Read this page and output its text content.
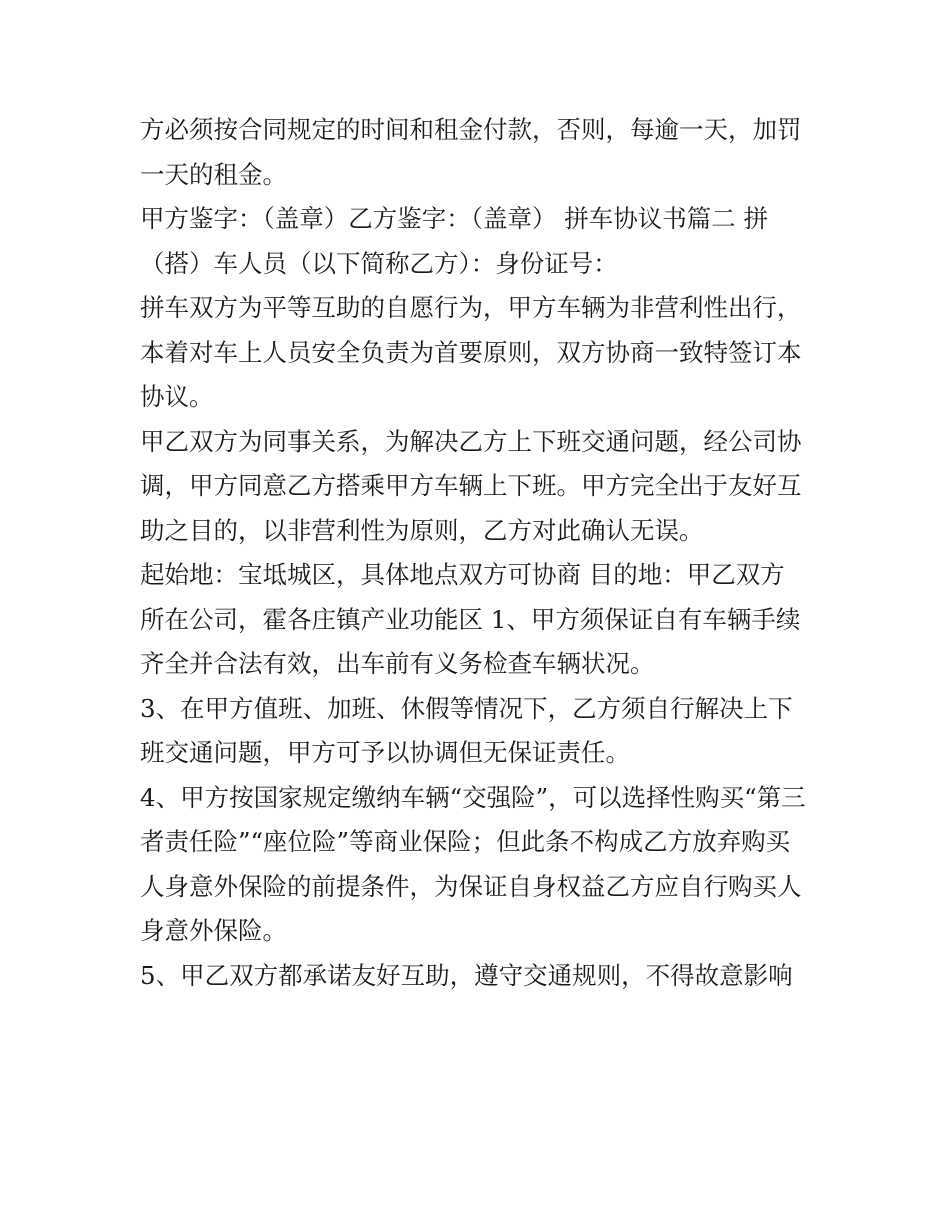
方必须按合同规定的时间和租金付款，否则，每逾一天，加罚
一天的租金。

甲方鉴字：（盖章）乙方鉴字：（盖章） 拼车协议书篇二 拼
（搭）车人员（以下简称乙方）：身份证号：

拼车双方为平等互助的自愿行为，甲方车辆为非营利性出行，
本着对车上人员安全负责为首要原则，双方协商一致特签订本
协议。

甲乙双方为同事关系，为解决乙方上下班交通问题，经公司协
调，甲方同意乙方搭乘甲方车辆上下班。甲方完全出于友好互
助之目的，以非营利性为原则，乙方对此确认无误。

起始地：宝坻城区，具体地点双方可协商 目的地：甲乙双方
所在公司，霍各庄镇产业功能区 1、甲方须保证自有车辆手续
齐全并合法有效，出车前有义务检查车辆状况。

3、在甲方值班、加班、休假等情况下，乙方须自行解决上下
班交通问题，甲方可予以协调但无保证责任。

4、甲方按国家规定缴纳车辆“交强险”，可以选择性购买“第三
者责任险”“座位险”等商业保险；但此条不构成乙方放弃购买
人身意外保险的前提条件，为保证自身权益乙方应自行购买人
身意外保险。

5、甲乙双方都承诺友好互助，遵守交通规则，不得故意影响
